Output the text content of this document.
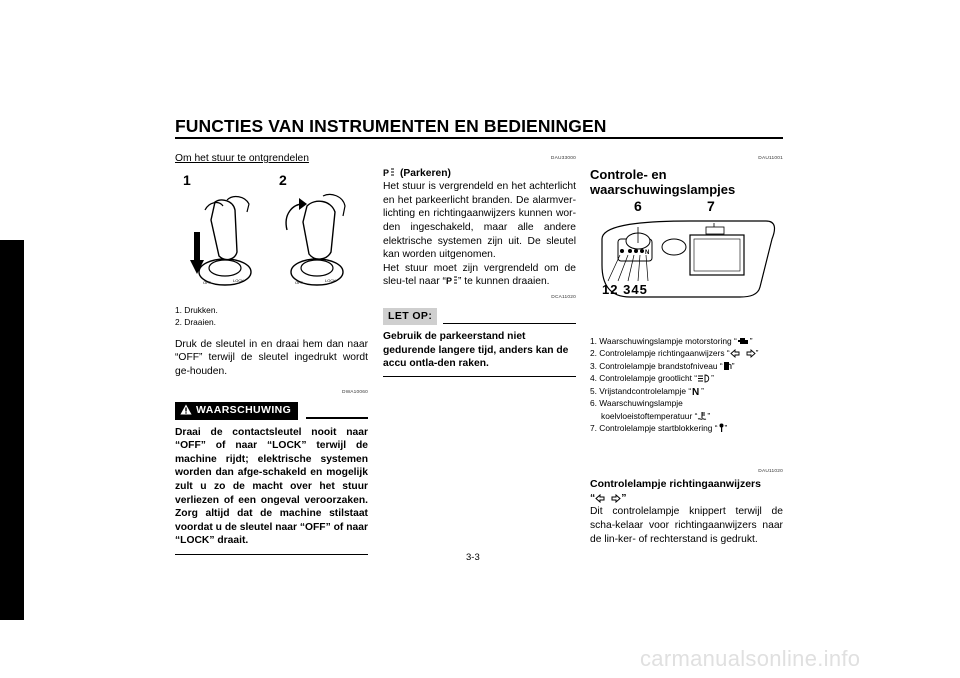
FUNCTIES VAN INSTRUMENTEN EN BEDIENINGEN
3
Om het stuur te ontgrendelen
1	2
OFF	LOCK	OFF	LOCK
1. Drukken.
2. Draaien.
Druk de sleutel in en draai hem dan naar “OFF” terwijl de sleutel ingedrukt wordt ge-houden.
DWA10060
WAARSCHUWING
Draai de contactsleutel nooit naar “OFF” of naar “LOCK” terwijl de machine rijdt; elektrische systemen worden dan afge-schakeld en mogelijk zult u zo de macht over het stuur verliezen of een ongeval veroorzaken. Zorg altijd dat de machine stilstaat voordat u de sleutel naar “OFF” of naar “LOCK” draait.
DAU33000
P (Parkeren)
Het stuur is vergrendeld en het achterlicht en het parkeerlicht branden. De alarmver-lichting en richtingaanwijzers kunnen wor-den ingeschakeld, maar alle andere elektrische systemen zijn uit. De sleutel kan worden uitgenomen.
Het stuur moet zijn vergrendeld om de sleu-tel naar “ P ” te kunnen draaien.
DCA11020
LET OP:
Gebruik de parkeerstand niet gedurende langere tijd, anders kan de accu ontla-den raken.
DAU11001
Controle- en waarschuwingslampjes
6	7
N
12 345
1. Waarschuwingslampje motorstoring “ ”
2. Controlelampje richtingaanwijzers “	”
3. Controlelampje brandstofniveau “ ”
4. Controlelampje grootlicht “ ”
5. Vrijstandcontrolelampje “ N ”
6. Waarschuwingslampje
koelvloeistoftemperatuur “ ”
7. Controlelampje startblokkering “ ”
DAU11020
Controlelampje richtingaanwijzers
“ ”
Dit controlelampje knippert terwijl de scha-kelaar voor richtingaanwijzers naar de lin-ker- of rechterstand is gedrukt.
3-3
carmanualsonline.info
